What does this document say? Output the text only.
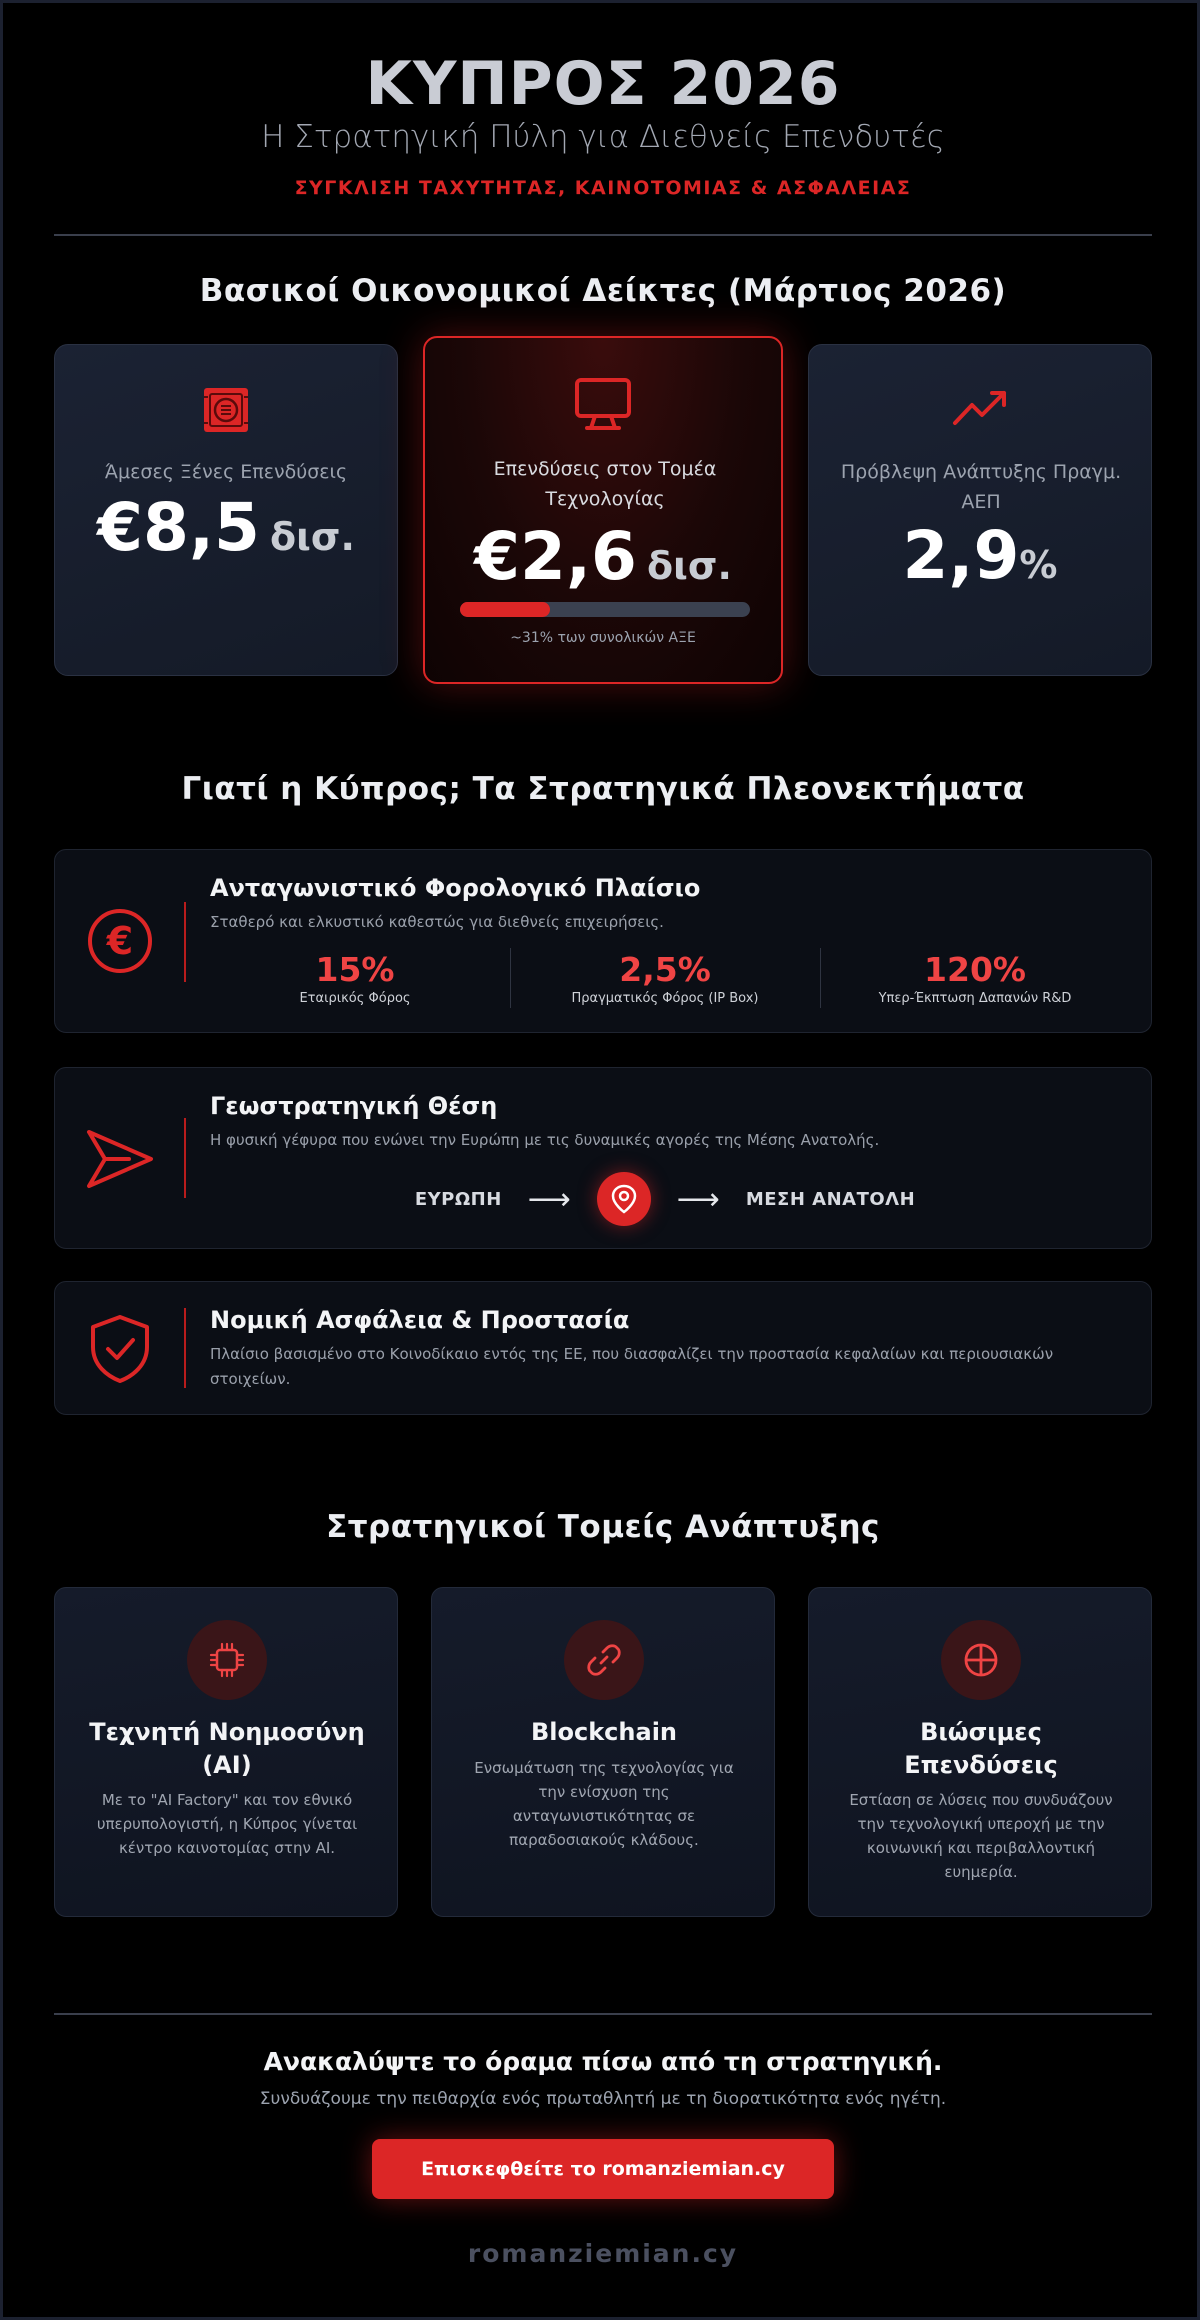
ΚΥΠΡΟΣ 2026
Η Στρατηγική Πύλη για Διεθνείς Επενδυτές
ΣΥΓΚΛΙΣΗ ΤΑΧΥΤΗΤΑΣ, ΚΑΙΝΟΤΟΜΙΑΣ & ΑΣΦΑΛΕΙΑΣ
Βασικοί Οικονομικοί Δείκτες (Μάρτιος 2026)
Άμεσες Ξένες Επενδύσεις
€8,5 δισ.
Επενδύσεις στον Τομέα Τεχνολογίας
€2,6 δισ.
~31% των συνολικών ΑΞΕ
Πρόβλεψη Ανάπτυξης Πραγμ. ΑΕΠ
2,9%
Γιατί η Κύπρος; Τα Στρατηγικά Πλεονεκτήματα
€
Ανταγωνιστικό Φορολογικό Πλαίσιο
Σταθερό και ελκυστικό καθεστώς για διεθνείς επιχειρήσεις.
15%
Εταιρικός Φόρος
2,5%
Πραγματικός Φόρος (IP Box)
120%
Υπερ-Έκπτωση Δαπανών R&D
Γεωστρατηγική Θέση
Η φυσική γέφυρα που ενώνει την Ευρώπη με τις δυναμικές αγορές της Μέσης Ανατολής.
ΕΥΡΩΠΗ ⟶	⟶ ΜΕΣΗ ΑΝΑΤΟΛΗ
Νομική Ασφάλεια & Προστασία
Πλαίσιο βασισμένο στο Κοινοδίκαιο εντός της ΕΕ, που διασφαλίζει την προστασία κεφαλαίων και περιουσιακών στοιχείων.
Στρατηγικοί Τομείς Ανάπτυξης
Τεχνητή Νοημοσύνη
(AI)
Με το "AI Factory" και τον εθνικό υπερυπολογιστή, η Κύπρος γίνεται κέντρο καινοτομίας στην AI.
Blockchain
Ενσωμάτωση της τεχνολογίας για την ενίσχυση της ανταγωνιστικότητας σε παραδοσιακούς κλάδους.
Βιώσιμες
Επενδύσεις
Εστίαση σε λύσεις που συνδυάζουν την τεχνολογική υπεροχή με την κοινωνική και περιβαλλοντική ευημερία.
Ανακαλύψτε το όραμα πίσω από τη στρατηγική.
Συνδυάζουμε την πειθαρχία ενός πρωταθλητή με τη διορατικότητα ενός ηγέτη.
Επισκεφθείτε το romanziemian.cy
romanziemian.cy
